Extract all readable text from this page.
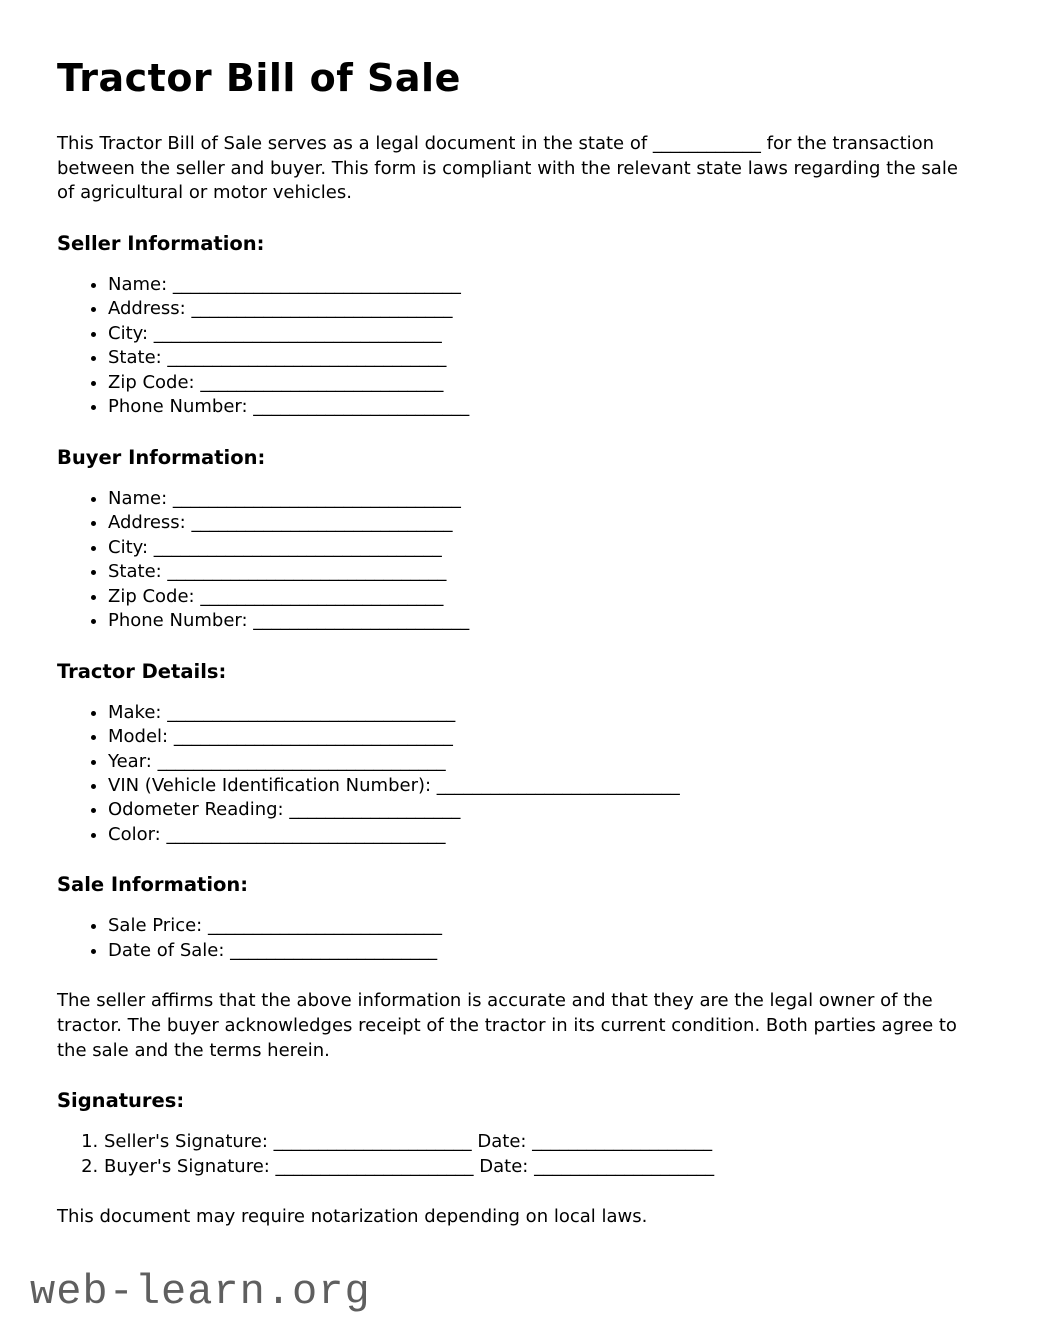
Tractor Bill of Sale

This Tractor Bill of Sale serves as a legal document in the state of ____________ for the transaction between the seller and buyer. This form is compliant with the relevant state laws regarding the sale of agricultural or motor vehicles.

Seller Information:
• Name: ________________________________
• Address: _____________________________
• City: ________________________________
• State: _______________________________
• Zip Code: ___________________________
• Phone Number: ________________________
Buyer Information:
• Name: ________________________________
• Address: _____________________________
• City: ________________________________
• State: _______________________________
• Zip Code: ___________________________
• Phone Number: ________________________
Tractor Details:
• Make: ________________________________
• Model: _______________________________
• Year: ________________________________
• VIN (Vehicle Identification Number): ___________________________
• Odometer Reading: ___________________
• Color: _______________________________
Sale Information:
• Sale Price: __________________________
• Date of Sale: _______________________

The seller affirms that the above information is accurate and that they are the legal owner of the tractor. The buyer acknowledges receipt of the tractor in its current condition. Both parties agree to the sale and the terms herein.

Signatures:
1. Seller's Signature: ______________________ Date: ____________________
2. Buyer's Signature: ______________________ Date: ____________________

This document may require notarization depending on local laws.

web-learn.org
